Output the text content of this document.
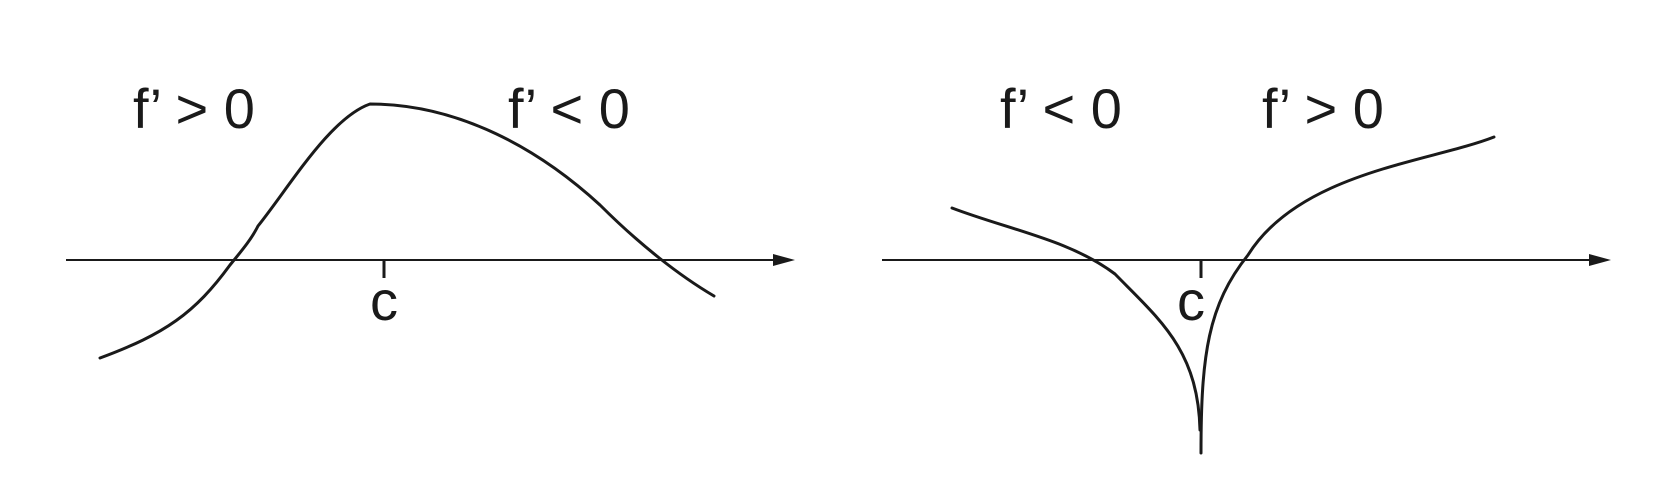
c
f’ > 0	f’ < 0
c
f’ < 0	f’ > 0
